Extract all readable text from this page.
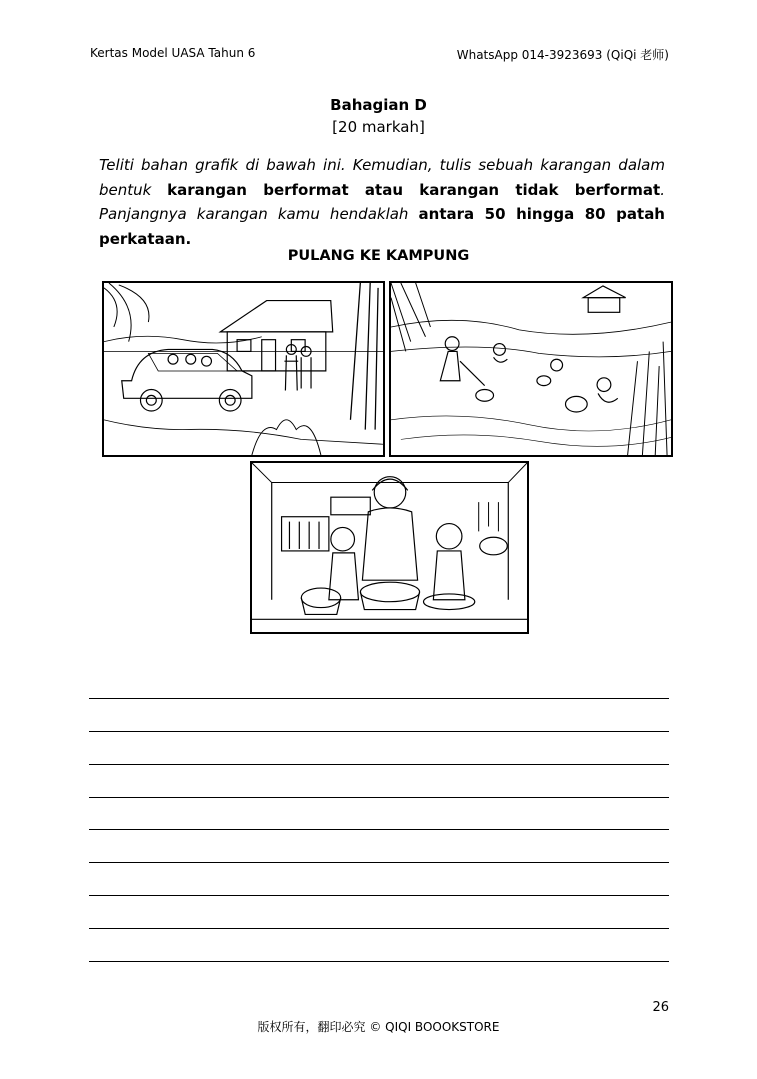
Kertas Model UASA Tahun 6	WhatsApp 014-3923693 (QiQi 老师)
Bahagian D
[20 markah]
Teliti bahan grafik di bawah ini. Kemudian, tulis sebuah karangan dalam bentuk karangan berformat atau karangan tidak berformat. Panjangnya karangan kamu hendaklah antara 50 hingga 80 patah perkataan.
PULANG KE KAMPUNG
26
版权所有，翻印必究 © QIQI BOOOKSTORE
